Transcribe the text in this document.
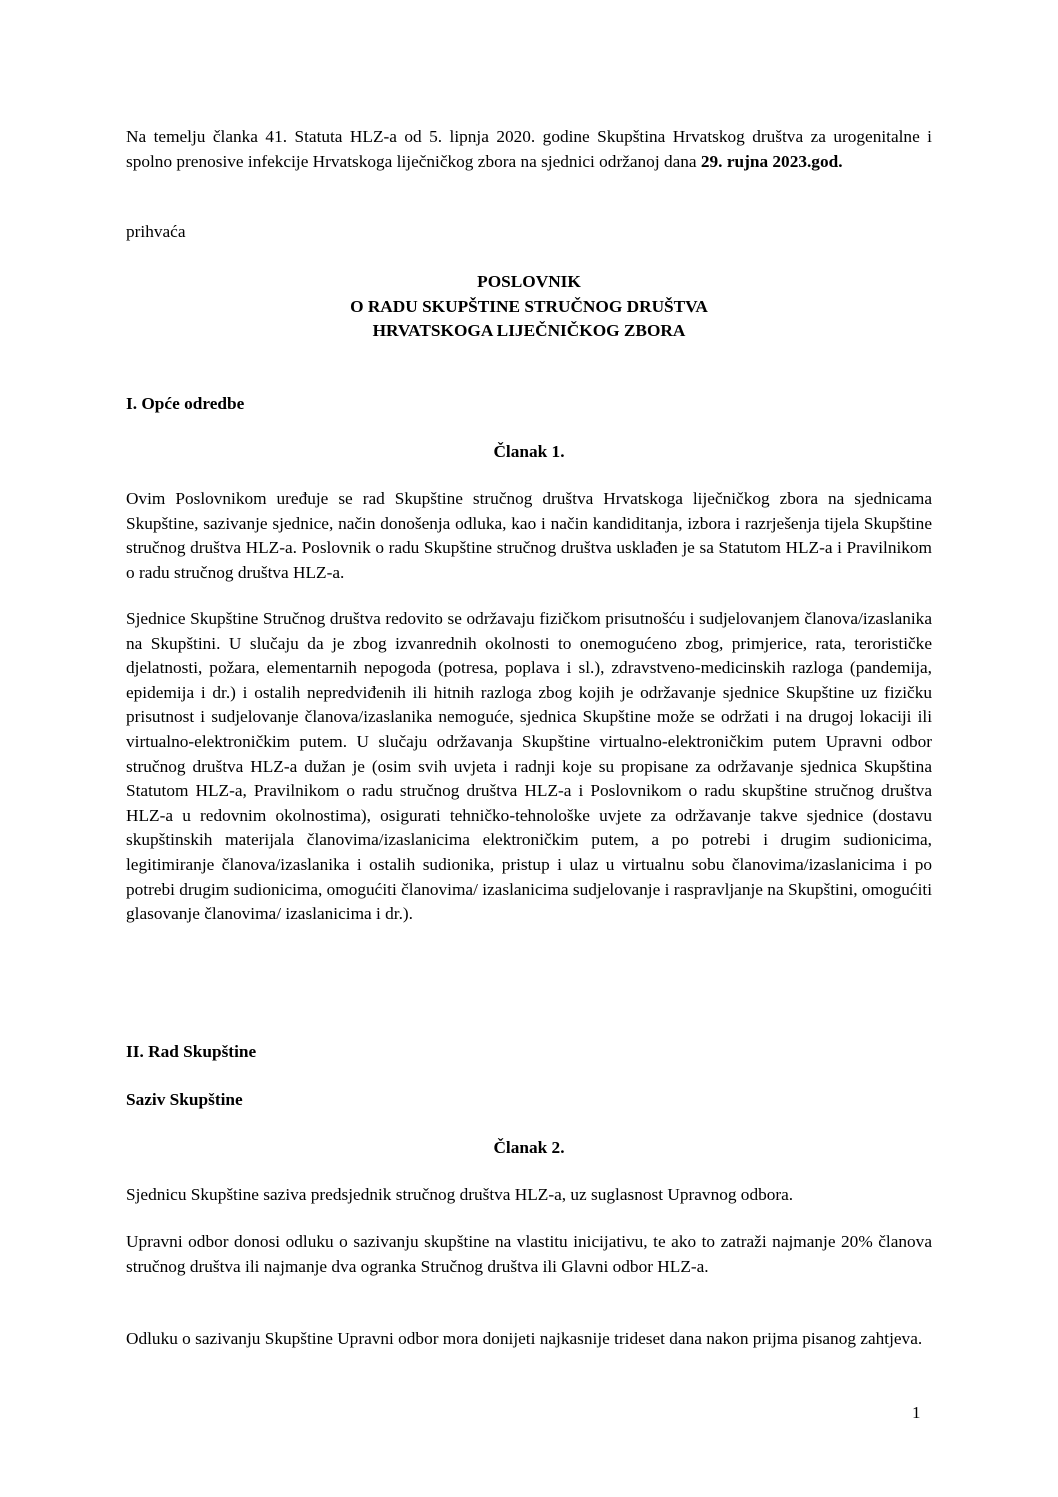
Na temelju članka 41. Statuta HLZ-a od 5. lipnja 2020. godine Skupština Hrvatskog društva za urogenitalne i spolno prenosive infekcije Hrvatskoga liječničkog zbora na sjednici održanoj dana 29. rujna 2023.god.
prihvaća
POSLOVNIK
O RADU SKUPŠTINE STRUČNOG DRUŠTVA
HRVATSKOGA LIJEČNIČKOG ZBORA
I. Opće odredbe
Članak 1.
Ovim Poslovnikom uređuje se rad Skupštine stručnog društva Hrvatskoga liječničkog zbora na sjednicama Skupštine, sazivanje sjednice, način donošenja odluka, kao i način kandiditanja, izbora i razrješenja tijela Skupštine stručnog društva HLZ-a. Poslovnik o radu Skupštine stručnog društva usklađen je sa Statutom HLZ-a i Pravilnikom o radu stručnog društva HLZ-a.
Sjednice Skupštine Stručnog društva redovito se održavaju fizičkom prisutnošću i sudjelovanjem članova/izaslanika na Skupštini. U slučaju da je zbog izvanrednih okolnosti to onemogućeno zbog, primjerice, rata, terorističke djelatnosti, požara, elementarnih nepogoda (potresa, poplava i sl.), zdravstveno-medicinskih razloga (pandemija, epidemija i dr.) i ostalih nepredviđenih ili hitnih razloga zbog kojih je održavanje sjednice Skupštine uz fizičku prisutnost i sudjelovanje članova/izaslanika nemoguće, sjednica Skupštine može se održati i na drugoj lokaciji ili virtualno-elektroničkim putem. U slučaju održavanja Skupštine virtualno-elektroničkim putem Upravni odbor stručnog društva HLZ-a dužan je (osim svih uvjeta i radnji koje su propisane za održavanje sjednica Skupština Statutom HLZ-a, Pravilnikom o radu stručnog društva HLZ-a i Poslovnikom o radu skupštine stručnog društva HLZ-a u redovnim okolnostima), osigurati tehničko-tehnološke uvjete za održavanje takve sjednice (dostavu skupštinskih materijala članovima/izaslanicima elektroničkim putem, a po potrebi i drugim sudionicima, legitimiranje članova/izaslanika i ostalih sudionika, pristup i ulaz u virtualnu sobu članovima/izaslanicima i po potrebi drugim sudionicima, omogućiti članovima/ izaslanicima sudjelovanje i raspravljanje na Skupštini, omogućiti glasovanje članovima/ izaslanicima i dr.).
II. Rad Skupštine
Saziv Skupštine
Članak 2.
Sjednicu Skupštine saziva predsjednik stručnog društva HLZ-a, uz suglasnost Upravnog odbora.
Upravni odbor donosi odluku o sazivanju skupštine na vlastitu inicijativu, te ako to zatraži najmanje 20% članova stručnog društva ili najmanje dva ogranka Stručnog društva ili Glavni odbor HLZ-a.
Odluku o sazivanju Skupštine Upravni odbor mora donijeti najkasnije trideset dana nakon prijma pisanog zahtjeva.
1
